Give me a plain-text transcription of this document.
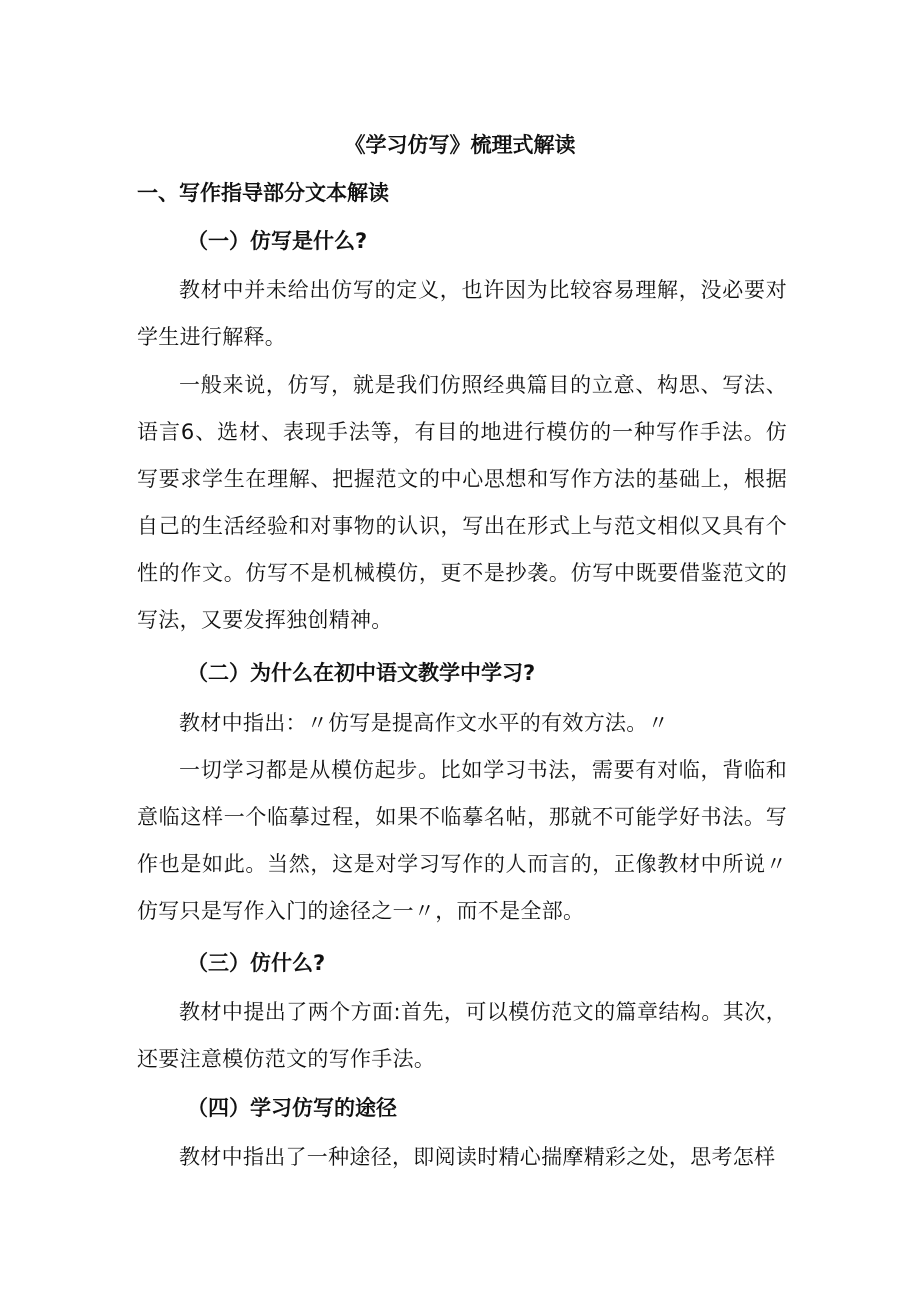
《学习仿写》梳理式解读
一、写作指导部分文本解读
（一）仿写是什么?

教材中并未给出仿写的定义，也许因为比较容易理解，没必要对学生进行解释。

一般来说，仿写，就是我们仿照经典篇目的立意、构思、写法、语言6、选材、表现手法等，有目的地进行模仿的一种写作手法。仿写要求学生在理解、把握范文的中心思想和写作方法的基础上，根据自己的生活经验和对事物的认识，写出在形式上与范文相似又具有个性的作文。仿写不是机械模仿，更不是抄袭。仿写中既要借鉴范文的写法，又要发挥独创精神。

（二）为什么在初中语文教学中学习?

教材中指出：〃仿写是提高作文水平的有效方法。〃

一切学习都是从模仿起步。比如学习书法，需要有对临，背临和意临这样一个临摹过程，如果不临摹名帖，那就不可能学好书法。写作也是如此。当然，这是对学习写作的人而言的，正像教材中所说〃仿写只是写作入门的途径之一〃，而不是全部。

（三）仿什么?

教材中提出了两个方面:首先，可以模仿范文的篇章结构。其次，还要注意模仿范文的写作手法。

（四）学习仿写的途径

教材中指出了一种途径，即阅读时精心揣摩精彩之处，思考怎样
